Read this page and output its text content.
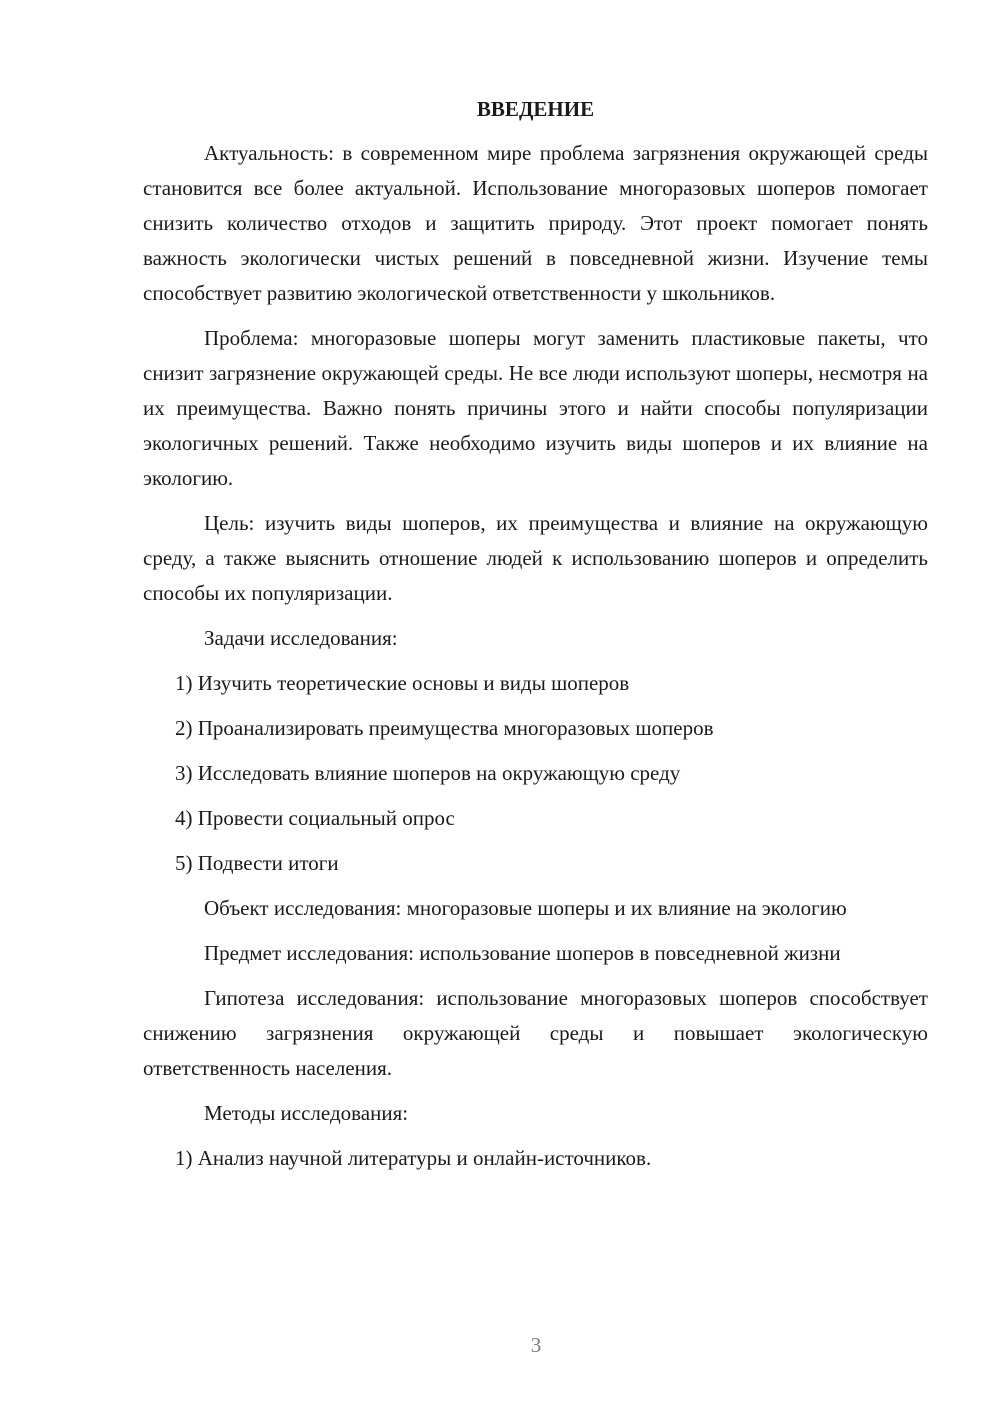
ВВЕДЕНИЕ

Актуальность: в современном мире проблема загрязнения окружающей среды становится все более актуальной. Использование многоразовых шоперов помогает снизить количество отходов и защитить природу. Этот проект помогает понять важность экологически чистых решений в повседневной жизни. Изучение темы способствует развитию экологической ответственности у школьников.

Проблема: многоразовые шоперы могут заменить пластиковые пакеты, что снизит загрязнение окружающей среды. Не все люди используют шоперы, несмотря на их преимущества. Важно понять причины этого и найти способы популяризации экологичных решений. Также необходимо изучить виды шоперов и их влияние на экологию.

Цель: изучить виды шоперов, их преимущества и влияние на окружающую среду, а также выяснить отношение людей к использованию шоперов и определить способы их популяризации.

Задачи исследования:

1) Изучить теоретические основы и виды шоперов
2) Проанализировать преимущества многоразовых шоперов
3) Исследовать влияние шоперов на окружающую среду
4) Провести социальный опрос
5) Подвести итоги

Объект исследования: многоразовые шоперы и их влияние на экологию

Предмет исследования: использование шоперов в повседневной жизни

Гипотеза исследования: использование многоразовых шоперов способствует снижению загрязнения окружающей среды и повышает экологическую ответственность населения.

Методы исследования:

1) Анализ научной литературы и онлайн-источников.
3
